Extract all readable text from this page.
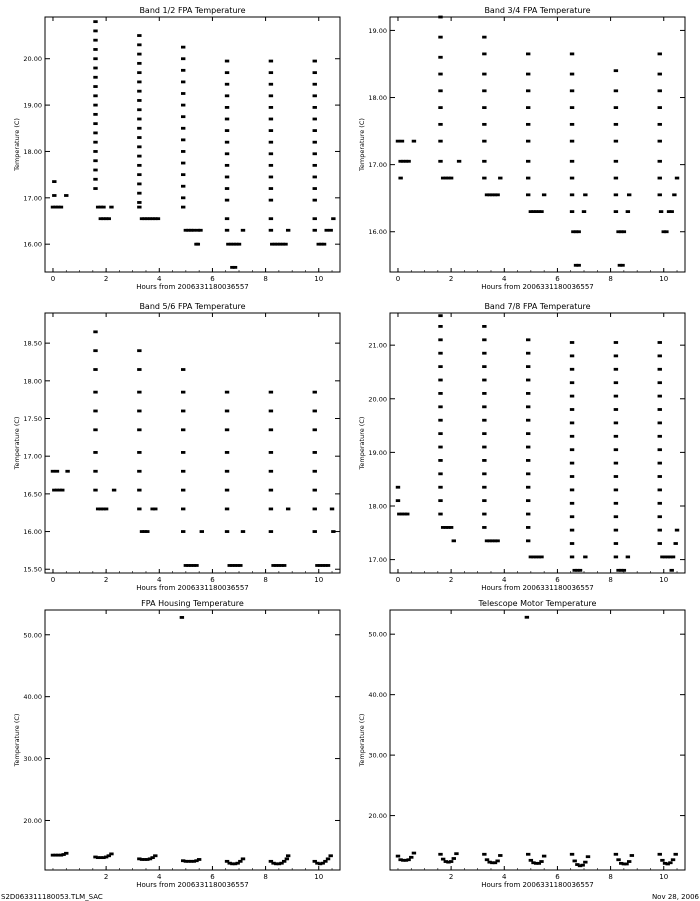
Band 1/2 FPA Temperature
0	2	4	6	8	10
16.00
17.00
18.00
19.00
20.00
Hours from 2006331180036557
Temperature (C)
Band 3/4 FPA Temperature
0	2	4	6	8	10
16.00
17.00
18.00
19.00
Hours from 2006331180036557
Temperature (C)
Band 5/6 FPA Temperature
0	2	4	6	8	10
15.50
16.00
16.50
17.00
17.50
18.00
18.50
Hours from 2006331180036557
Temperature (C)
Band 7/8 FPA Temperature
0	2	4	6	8	10
17.00
18.00
19.00
20.00
21.00
Hours from 2006331180036557
Temperature (C)
FPA Housing Temperature
2	4	6	8	10
20.00
30.00
40.00
50.00
Hours from 2006331180036557
Temperature (C)
Telescope Motor Temperature
2	4	6	8	10
20.00
30.00
40.00
50.00
Hours from 2006331180036557
Temperature (C)
S2D063311180053.TLM_SAC	Nov 28, 2006
